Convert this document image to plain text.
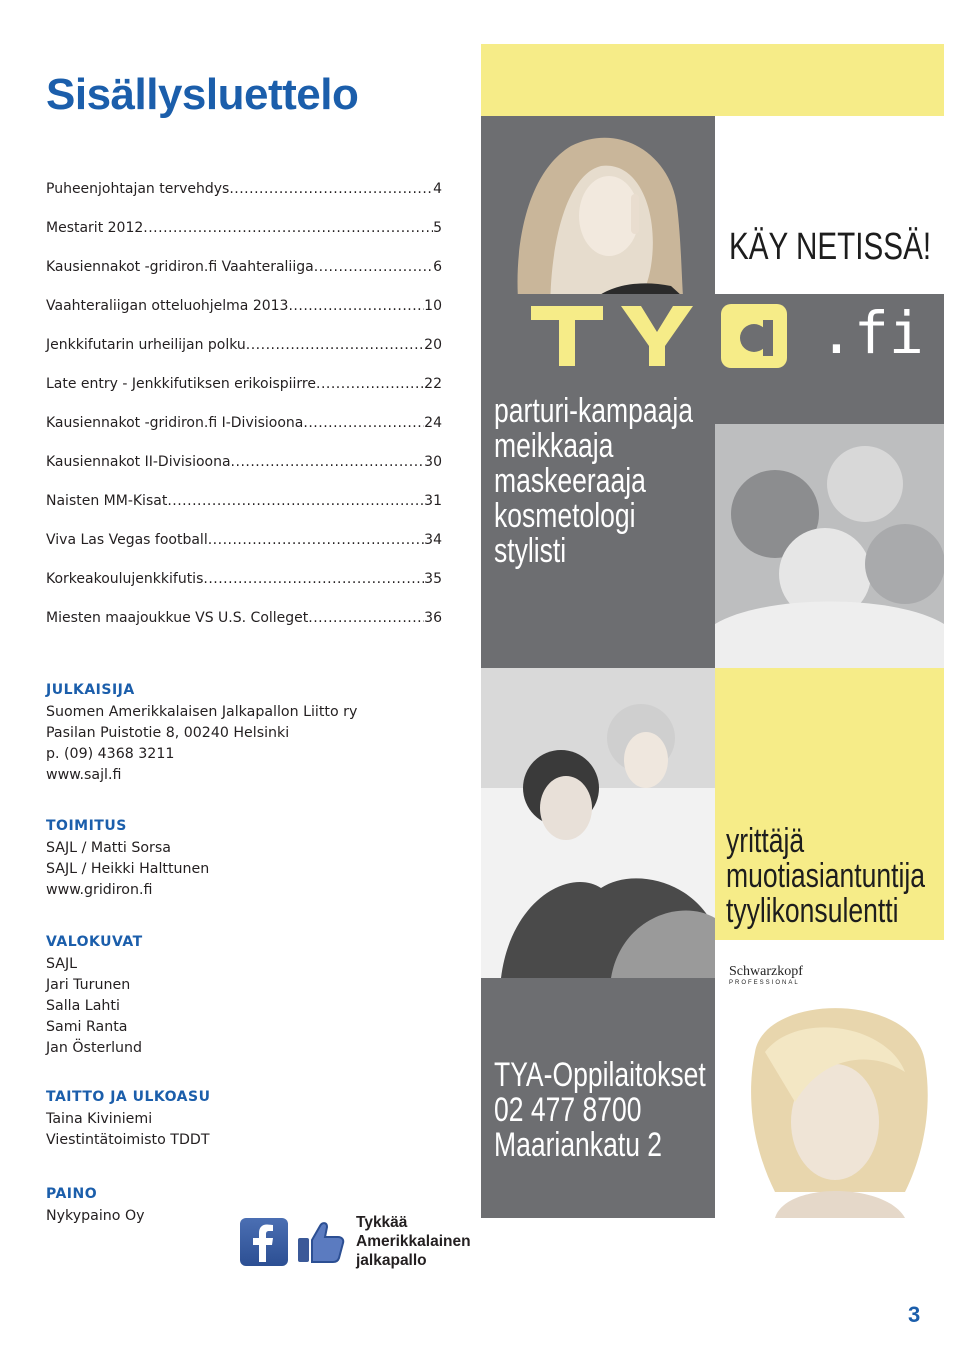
Sisällysluettelo
Puheenjohtajan tervehdys .....	4
Mestarit 2012 .....	5
Kausiennakot -gridiron.fi Vaahteraliiga .....	6
Vaahteraliigan otteluohjelma 2013 .....	10
Jenkkifutarin urheilijan polku .....	20
Late entry - Jenkkifutiksen erikoispiirre .....	22
Kausiennakot -gridiron.fi I-Divisioona .....	24
Kausiennakot II-Divisioona .....	30
Naisten MM-Kisat .....	31
Viva Las Vegas football .....	34
Korkeakoulujenkkifutis .....	35
Miesten maajoukkue VS U.S. Colleget .....	36
JULKAISIJA
Suomen Amerikkalaisen Jalkapallon Liitto ry
Pasilan Puistotie 8, 00240 Helsinki
p. (09) 4368 3211
www.sajl.fi
TOIMITUS
SAJL / Matti Sorsa
SAJL / Heikki Halttunen
www.gridiron.fi
VALOKUVAT
SAJL
Jari Turunen
Salla Lahti
Sami Ranta
Jan Österlund
TAITTO JA ULKOASU
Taina Kiviniemi
Viestintätoimisto TDDT
PAINO
Nykypaino Oy
KÄY NETISSÄ!
.fi
parturi-kampaaja
meikkaaja
maskeeraaja
kosmetologi
stylisti
yrittäjä
muotiasiantuntija
tyylikonsulentti
Schwarzkopf
PROFESSIONAL
TYA-Oppilaitokset
02 477 8700
Maariankatu 2
Tykkää
Amerikkalainen
jalkapallo
3
